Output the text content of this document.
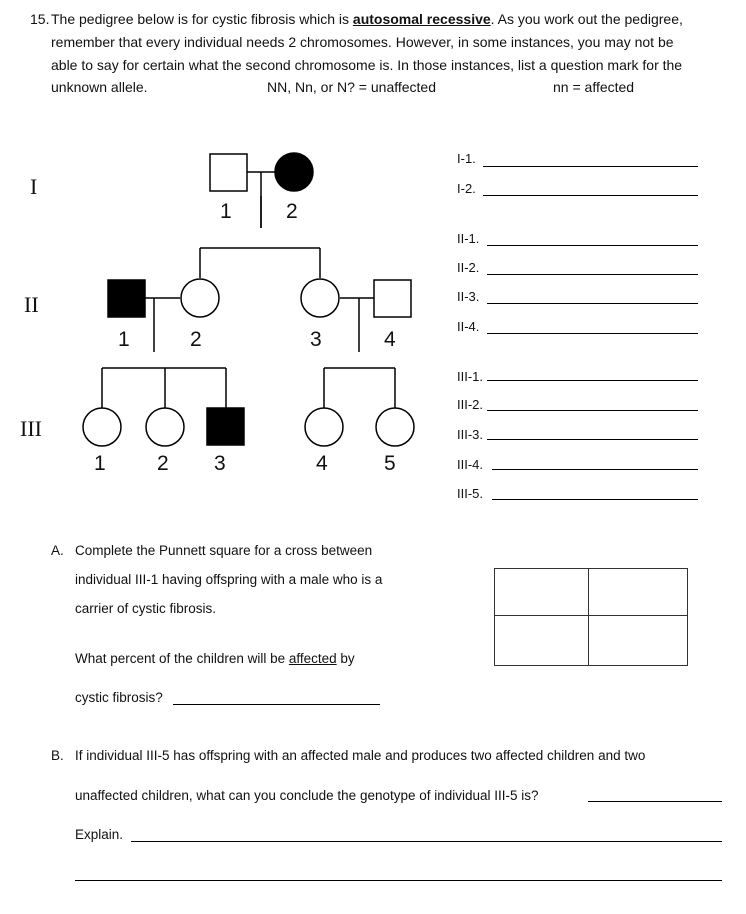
15. The pedigree below is for cystic fibrosis which is autosomal recessive. As you work out the pedigree,
remember that every individual needs 2 chromosomes. However, in some instances, you may not be
able to say for certain what the second chromosome is. In those instances, list a question mark for the
unknown allele.	NN, Nn, or N? = unaffected	nn = affected
I
II
III
1	2
1	2	3	4
1 2 3	4	5
I-1.
I-2.
II-1.
II-2.
II-3.
II-4.
III-1.
III-2.
III-3.
III-4.
III-5.
A. Complete the Punnett square for a cross between
individual III-1 having offspring with a male who is a
carrier of cystic fibrosis.
What percent of the children will be affected by
cystic fibrosis?
B. If individual III-5 has offspring with an affected male and produces two affected children and two
unaffected children, what can you conclude the genotype of individual III-5 is?
Explain.
